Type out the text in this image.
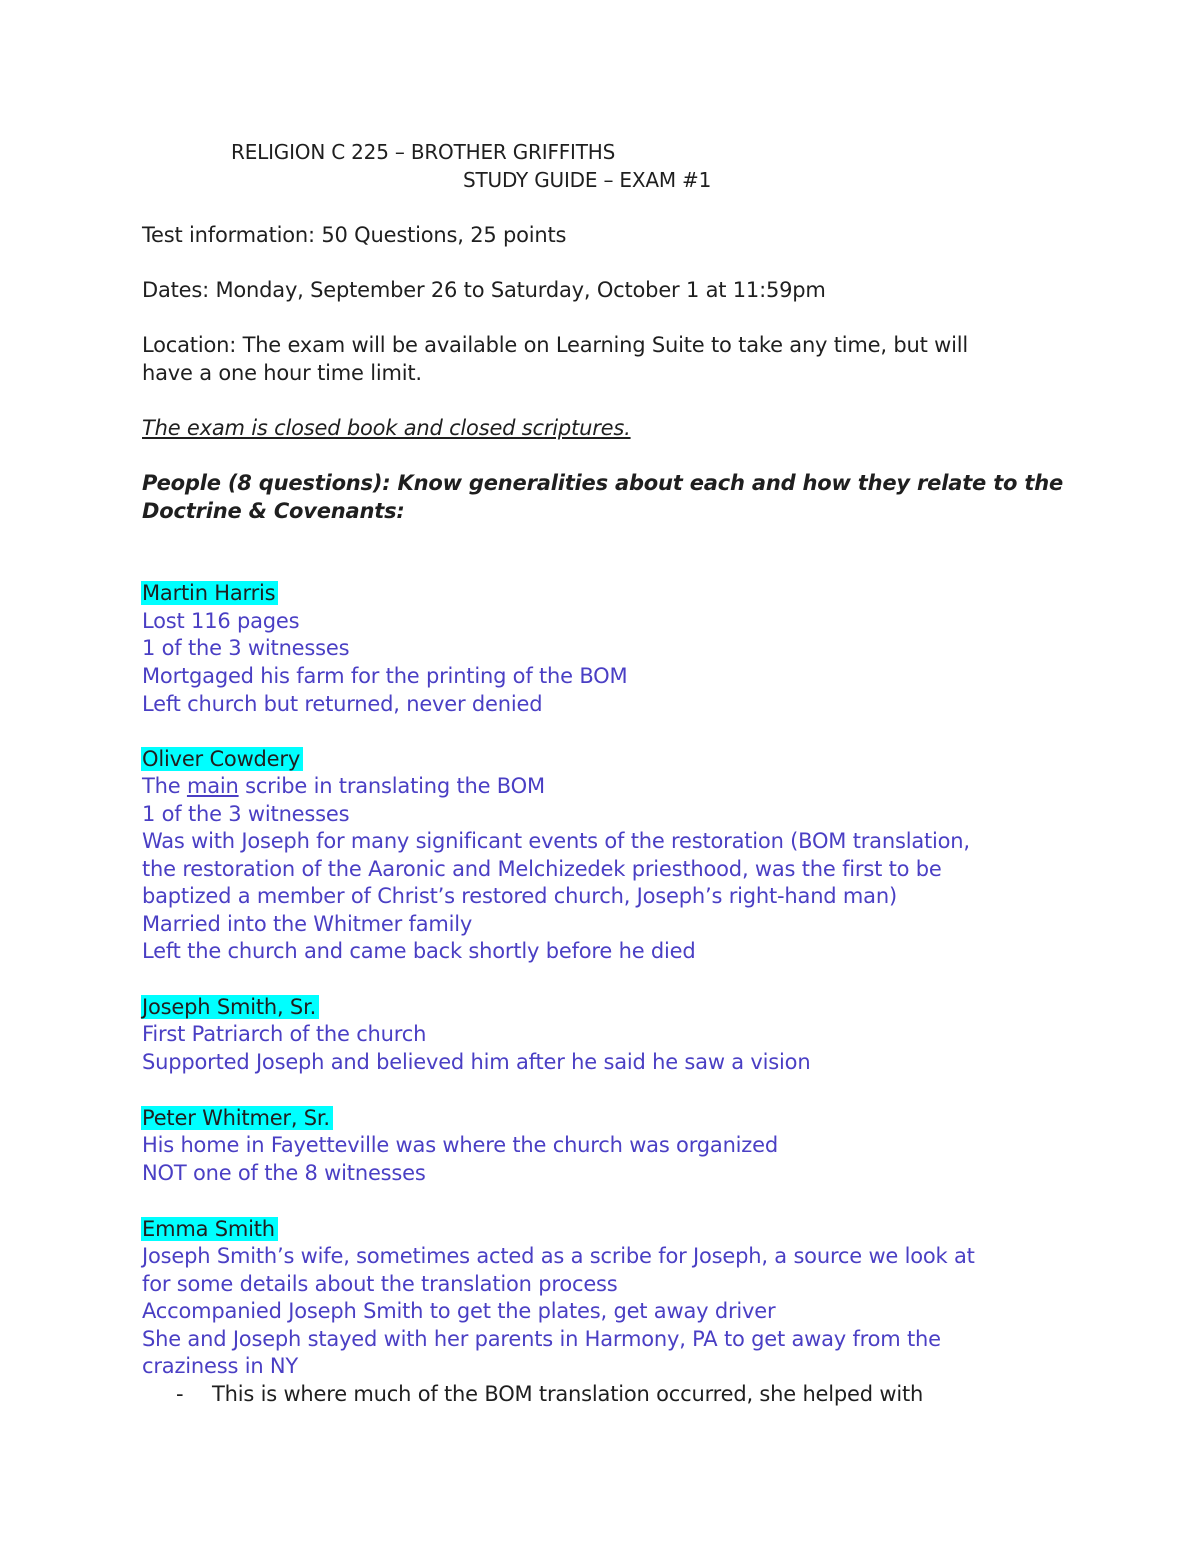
RELIGION C 225 – BROTHER GRIFFITHS
STUDY GUIDE – EXAM #1
Test information: 50 Questions, 25 points
Dates: Monday, September 26 to Saturday, October 1 at 11:59pm
Location: The exam will be available on Learning Suite to take any time, but will
have a one hour time limit.
The exam is closed book and closed scriptures.
People (8 questions): Know generalities about each and how they relate to the
Doctrine & Covenants:
Martin Harris
Lost 116 pages
1 of the 3 witnesses
Mortgaged his farm for the printing of the BOM
Left church but returned, never denied
Oliver Cowdery
The main scribe in translating the BOM
1 of the 3 witnesses
Was with Joseph for many significant events of the restoration (BOM translation,
the restoration of the Aaronic and Melchizedek priesthood, was the first to be
baptized a member of Christ’s restored church, Joseph’s right-hand man)
Married into the Whitmer family
Left the church and came back shortly before he died
Joseph Smith, Sr.
First Patriarch of the church
Supported Joseph and believed him after he said he saw a vision
Peter Whitmer, Sr.
His home in Fayetteville was where the church was organized
NOT one of the 8 witnesses
Emma Smith
Joseph Smith’s wife, sometimes acted as a scribe for Joseph, a source we look at
for some details about the translation process
Accompanied Joseph Smith to get the plates, get away driver
She and Joseph stayed with her parents in Harmony, PA to get away from the
craziness in NY
- This is where much of the BOM translation occurred, she helped with
